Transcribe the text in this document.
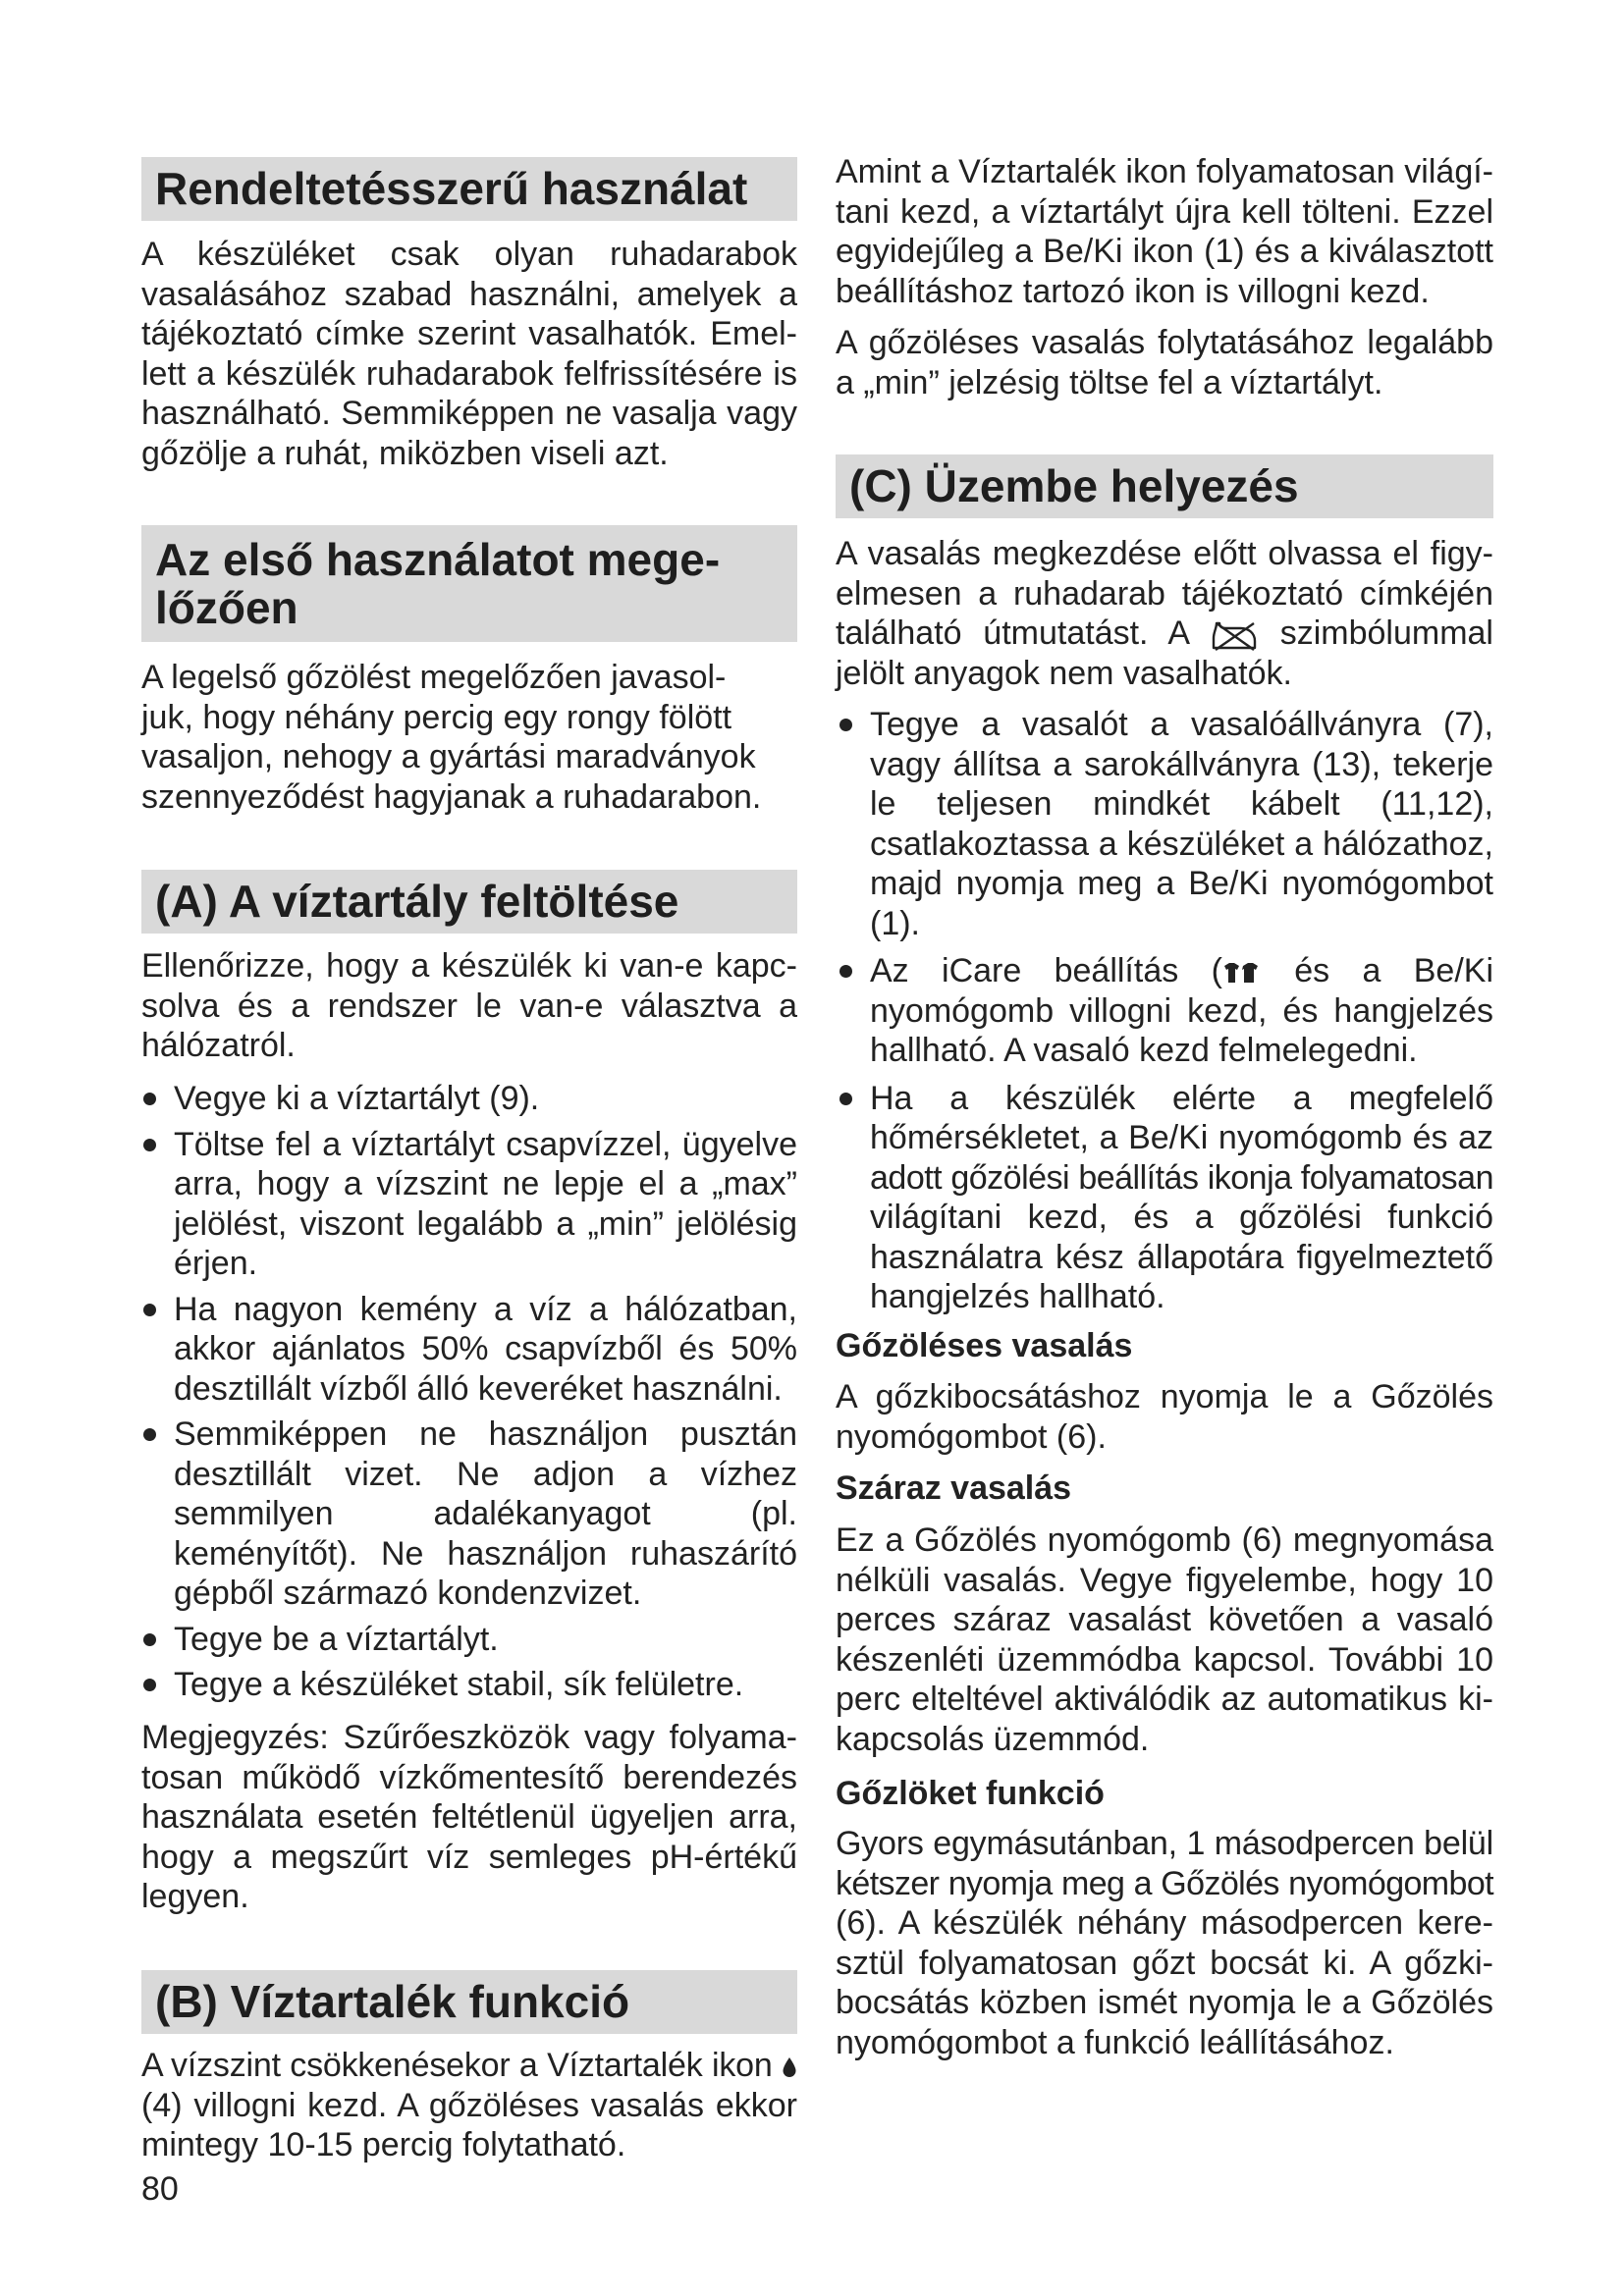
Rendeltetésszerű használat
A készüléket csak olyan ruhadarabok
vasalásához szabad használni, amelyek a
tájékoztató címke szerint vasalhatók. Emel-
lett a készülék ruhadarabok felfrissítésére is
használható. Semmiképpen ne vasalja vagy
gőzölje a ruhát, miközben viseli azt.
Az első használatot mege-
lőzően
A legelső gőzölést megelőzően javasol-
juk, hogy néhány percig egy rongy fölött
vasaljon, nehogy a gyártási maradványok
szennyeződést hagyjanak a ruhadarabon.
(A) A víztartály feltöltése
Ellenőrizze, hogy a készülék ki van-e kapc-
solva és a rendszer le van-e választva a
hálózatról.
Vegye ki a víztartályt (9).
Töltse fel a víztartályt csapvízzel, ügyelve
arra, hogy a vízszint ne lepje el a „max”
jelölést, viszont legalább a „min” jelölésig
érjen.
Ha nagyon kemény a víz a hálózatban,
akkor ajánlatos 50% csapvízből és 50%
desztillált vízből álló keveréket használni.
Semmiképpen ne használjon pusztán
desztillált vizet. Ne adjon a vízhez
semmilyen adalékanyagot (pl.
keményítőt). Ne használjon ruhaszárító
gépből származó kondenzvizet.
Tegye be a víztartályt.
Tegye a készüléket stabil, sík felületre.
Megjegyzés: Szűrőeszközök vagy folyama-
tosan működő vízkőmentesítő berendezés
használata esetén feltétlenül ügyeljen arra,
hogy a megszűrt víz semleges pH-értékű
legyen.
(B) Víztartalék funkció
A vízszint csökkenésekor a Víztartalék ikon
(4) villogni kezd. A gőzöléses vasalás ekkor
mintegy 10-15 percig folytatható.
80
Amint a Víztartalék ikon folyamatosan világí-
tani kezd, a víztartályt újra kell tölteni. Ezzel
egyidejűleg a Be/Ki ikon (1) és a kiválasztott
beállításhoz tartozó ikon is villogni kezd.
A gőzöléses vasalás folytatásához legalább
a „min” jelzésig töltse fel a víztartályt.
(C) Üzembe helyezés
A vasalás megkezdése előtt olvassa el figy-
elmesen a ruhadarab tájékoztató címkéjén
található útmutatást. A
szimbólummal
jelölt anyagok nem vasalhatók.
Tegye a vasalót a vasalóállványra (7),
vagy állítsa a sarokállványra (13), tekerje
le teljesen mindkét kábelt (11,12),
csatlakoztassa a készüléket a hálózathoz,
majd nyomja meg a Be/Ki nyomógombot
(1).
Az iCare beállítás (
és a Be/Ki
nyomógomb villogni kezd, és hangjelzés
hallható. A vasaló kezd felmelegedni.
Ha a készülék elérte a megfelelő
hőmérsékletet, a Be/Ki nyomógomb és az
adott gőzölési beállítás ikonja folyamatosan
világítani kezd, és a gőzölési funkció
használatra kész állapotára figyelmeztető
hangjelzés hallható.
Gőzöléses vasalás
A gőzkibocsátáshoz nyomja le a Gőzölés
nyomógombot (6).
Száraz vasalás
Ez a Gőzölés nyomógomb (6) megnyomása
nélküli vasalás. Vegye figyelembe, hogy 10
perces száraz vasalást követően a vasaló
készenléti üzemmódba kapcsol. További 10
perc elteltével aktiválódik az automatikus ki-
kapcsolás üzemmód.
Gőzlöket funkció
Gyors egymásutánban, 1 másodpercen belül
kétszer nyomja meg a Gőzölés nyomógombot
(6). A készülék néhány másodpercen kere-
sztül folyamatosan gőzt bocsát ki. A gőzki-
bocsátás közben ismét nyomja le a Gőzölés
nyomógombot a funkció leállításához.
